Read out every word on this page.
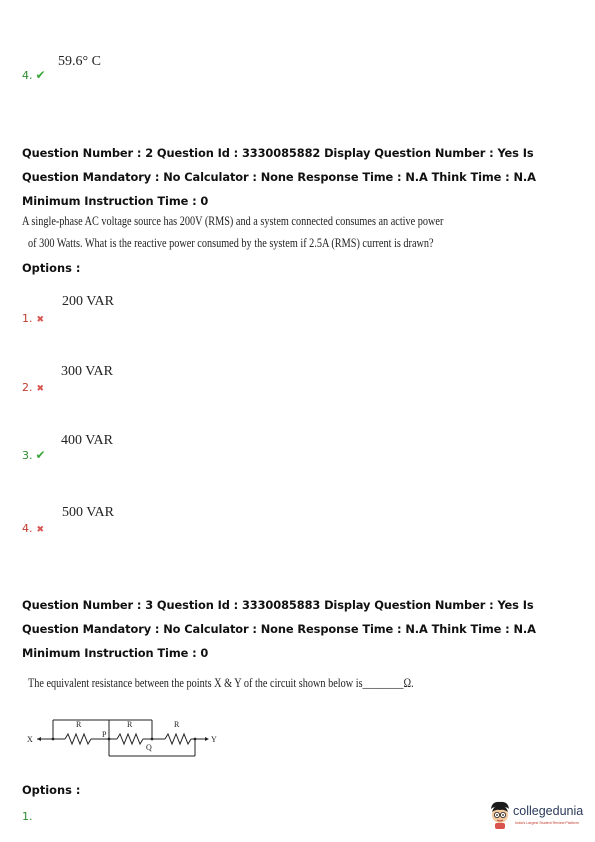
4. ✔
59.6° C
Question Number : 2 Question Id : 3330085882 Display Question Number : Yes Is Question Mandatory : No Calculator : None Response Time : N.A Think Time : N.A Minimum Instruction Time : 0
A single-phase AC voltage source has 200V (RMS) and a system connected consumes an active power
of 300 Watts. What is the reactive power consumed by the system if 2.5A (RMS) current is drawn?
Options :
1. ✖
200 VAR
2. ✖
300 VAR
3. ✔
400 VAR
4. ✖
500 VAR
Question Number : 3 Question Id : 3330085883 Display Question Number : Yes Is Question Mandatory : No Calculator : None Response Time : N.A Think Time : N.A Minimum Instruction Time : 0
The equivalent resistance between the points X & Y of the circuit shown below is________Ω.
X	Y
R	R	R
P
Q
Options :
1.	collegedunia
India's Largest Student Review Platform
